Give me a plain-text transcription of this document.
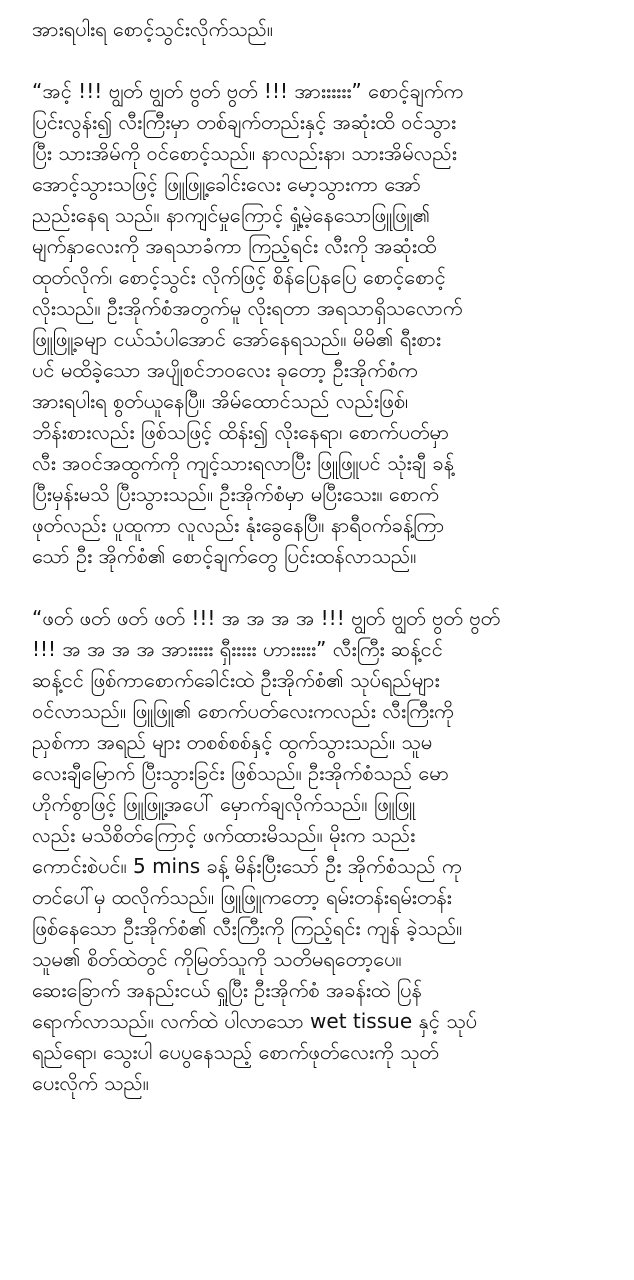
အားရပါးရ စောင့်သွင်းလိုက်သည်။

“အင့် !!! ဗျွတ် ဗျွတ် ဗွတ် ဗွတ် !!! အားးးးးး” စောင့်ချက်က
ပြင်းလွန်း၍ လီးကြီးမှာ တစ်ချက်တည်းနှင့် အဆုံးထိ ဝင်သွား
ပြီး သားအိမ်ကို ဝင်စောင့်သည်။ နာလည်းနာ၊ သားအိမ်လည်း
အောင့်သွားသဖြင့် ဖြူဖြူ့ခေါင်းလေး မော့သွားကာ အော်
ညည်းနေရ သည်။ နာကျင်မှုကြောင့် ရှုံ့မဲ့နေသောဖြူဖြူ၏
မျက်နှာလေးကို အရသာခံကာ ကြည့်ရင်း လီးကို အဆုံးထိ
ထုတ်လိုက်၊ စောင့်သွင်း လိုက်ဖြင့် စိန်ပြေနပြေ စောင့်စောင့်
လိုးသည်။ ဦးအိုက်စံအတွက်မူ လိုးရတာ အရသာရှိသလောက်
ဖြူဖြူ့ခမျာ ငယ်သံပါအောင် အော်နေရသည်။ မိမိ၏ ရီးစား
ပင် မထိခဲ့သော အပျိုစင်ဘဝလေး ခုတော့ ဦးအိုက်စံက
အားရပါးရ စွတ်ယူနေပြီ။ အိမ်ထောင်သည် လည်းဖြစ်၊
ဘိန်းစားလည်း ဖြစ်သဖြင့် ထိန်း၍ လိုးနေရာ၊ စောက်ပတ်မှာ
လီး အဝင်အထွက်ကို ကျင့်သားရလာပြီး ဖြူဖြူပင် သုံးချီ ခန့်
ပြီးမှန်းမသိ ပြီးသွားသည်။ ဦးအိုက်စံမှာ မပြီးသေး။ စောက်
ဖုတ်လည်း ပူထူကာ လူလည်း နုံးခွေနေပြီ။ နာရီဝက်ခန့်ကြာ
သော် ဦး အိုက်စံ၏ စောင့်ချက်တွေ ပြင်းထန်လာသည်။

“ဖတ် ဖတ် ဖတ် ဖတ် !!! အ အ အ အ !!! ဗျွတ် ဗျွတ် ဗွတ် ဗွတ်
!!! အ အ အ အ အားးးးး ရှီးးးးး ဟားးးးး” လီးကြီး ဆန့်ငင်
ဆန့်ငင် ဖြစ်ကာစောက်ခေါင်းထဲ ဦးအိုက်စံ၏ သုပ်ရည်များ
ဝင်လာသည်။ ဖြူဖြူ၏ စောက်ပတ်လေးကလည်း လီးကြီးကို
ညှစ်ကာ အရည် များ တစစ်စစ်နှင့် ထွက်သွားသည်။ သူမ
လေးချီမြောက် ပြီးသွားခြင်း ဖြစ်သည်။ ဦးအိုက်စံသည် မော
ဟိုက်စွာဖြင့် ဖြူဖြူ့အပေါ် မှောက်ချလိုက်သည်။ ဖြူဖြူ
လည်း မသိစိတ်ကြောင့် ဖက်ထားမိသည်။ မိုးက သည်း
ကောင်းစဲပင်။ 5 mins ခန့် မိန်းပြီးသော် ဦး အိုက်စံသည် ကု
တင်ပေါ်မှ ထလိုက်သည်။ ဖြူဖြူကတော့ ရမ်းတန်းရမ်းတန်း
ဖြစ်နေသော ဦးအိုက်စံ၏ လီးကြီးကို ကြည့်ရင်း ကျန် ခဲ့သည်။
သူမ၏ စိတ်ထဲတွင် ကိုမြတ်သူကို သတိမရတော့ပေ။
ဆေးခြောက် အနည်းငယ် ရှူပြီး ဦးအိုက်စံ အခန်းထဲ ပြန်
ရောက်လာသည်။ လက်ထဲ ပါလာသော wet tissue နှင့် သုပ်
ရည်ရော၊ သွေးပါ ပေပွနေသည့် စောက်ဖုတ်လေးကို သုတ်
ပေးလိုက် သည်။
